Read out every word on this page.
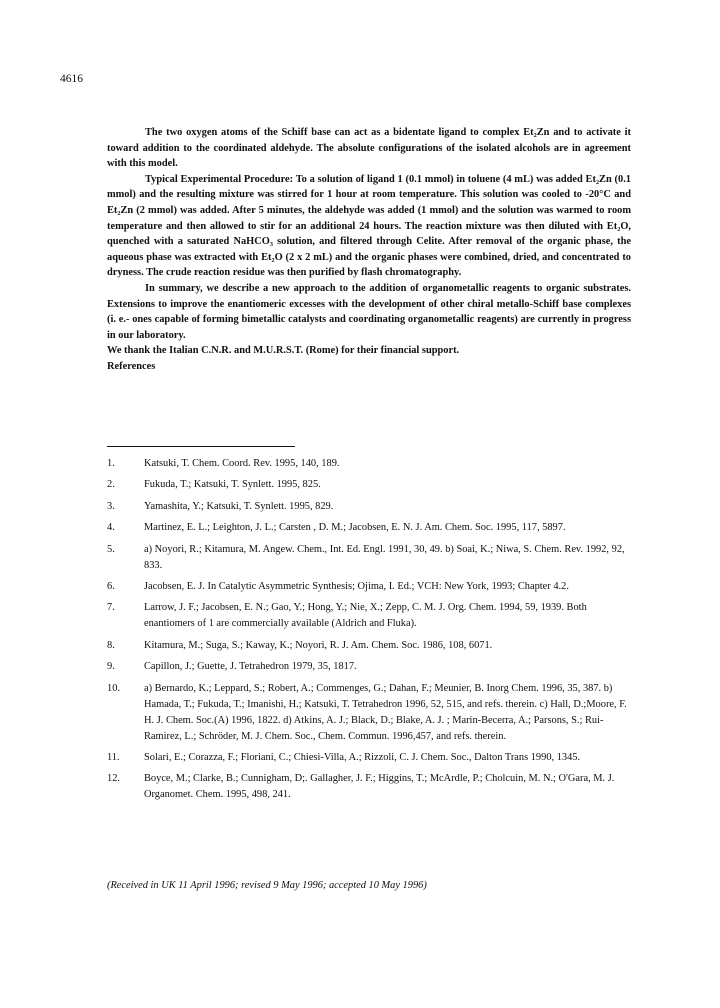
4616

The two oxygen atoms of the Schiff base can act as a bidentate ligand to complex Et₂Zn and to activate it toward addition to the coordinated aldehyde. The absolute configurations of the isolated alcohols are in agreement with this model.

Typical Experimental Procedure: To a solution of ligand 1 (0.1 mmol) in toluene (4 mL) was added Et₂Zn (0.1 mmol) and the resulting mixture was stirred for 1 hour at room temperature. This solution was cooled to -20°C and Et₂Zn (2 mmol) was added. After 5 minutes, the aldehyde was added (1 mmol) and the solution was warmed to room temperature and then allowed to stir for an additional 24 hours. The reaction mixture was then diluted with Et₂O, quenched with a saturated NaHCO₃ solution, and filtered through Celite. After removal of the organic phase, the aqueous phase was extracted with Et₂O (2 x 2 mL) and the organic phases were combined, dried, and concentrated to dryness. The crude reaction residue was then purified by flash chromatography.

In summary, we describe a new approach to the addition of organometallic reagents to organic substrates. Extensions to improve the enantiomeric excesses with the development of other chiral metallo-Schiff base complexes (i. e.- ones capable of forming bimetallic catalysts and coordinating organometallic reagents) are currently in progress in our laboratory.

We thank the Italian C.N.R. and M.U.R.S.T. (Rome) for their financial support.

References

1.	Katsuki, T. Chem. Coord. Rev. 1995, 140, 189.
2.	Fukuda, T.; Katsuki, T. Synlett. 1995, 825.
3.	Yamashita, Y.; Katsuki, T. Synlett. 1995, 829.
4.	Martinez, E. L.; Leighton, J. L.; Carsten , D. M.; Jacobsen, E. N. J. Am. Chem. Soc. 1995, 117, 5897.
5.	a) Noyori, R.; Kitamura, M. Angew. Chem., Int. Ed. Engl. 1991, 30, 49. b) Soai, K.; Niwa, S. Chem. Rev. 1992, 92, 833.
6.	Jacobsen, E. J. In Catalytic Asymmetric Synthesis; Ojima, I. Ed.; VCH: New York, 1993; Chapter 4.2.
7.	Larrow, J. F.; Jacobsen, E. N.; Gao, Y.; Hong, Y.; Nie, X.; Zepp, C. M. J. Org. Chem. 1994, 59, 1939. Both enantiomers of 1 are commercially available (Aldrich and Fluka).
8.	Kitamura, M.; Suga, S.; Kaway, K.; Noyori, R. J. Am. Chem. Soc. 1986, 108, 6071.
9.	Capillon, J.; Guette, J. Tetrahedron 1979, 35, 1817.
10. a) Bernardo, K.; Leppard, S.; Robert, A.; Commenges, G.; Dahan, F.; Meunier, B. Inorg Chem. 1996, 35, 387. b) Hamada, T.; Fukuda, T.; Imanishi, H.; Katsuki, T. Tetrahedron 1996, 52, 515, and refs. therein. c) Hall, D.;Moore, F. H. J. Chem. Soc.(A) 1996, 1822. d) Atkins, A. J.; Black, D.; Blake, A. J. ; Marin-Becerra, A.; Parsons, S.; Rui-Ramirez, L.; Schröder, M. J. Chem. Soc., Chem. Commun. 1996,457, and refs. therein.
11. Solari, E.; Corazza, F.; Floriani, C.; Chiesi-Villa, A.; Rizzoli, C. J. Chem. Soc., Dalton Trans 1990, 1345.
12. Boyce, M.; Clarke, B.; Cunnigham, D;. Gallagher, J. F.; Higgins, T.; McArdle, P.; Cholcuin, M. N.; O'Gara, M. J. Organomet. Chem. 1995, 498, 241.
(Received in UK 11 April 1996; revised 9 May 1996; accepted 10 May 1996)
